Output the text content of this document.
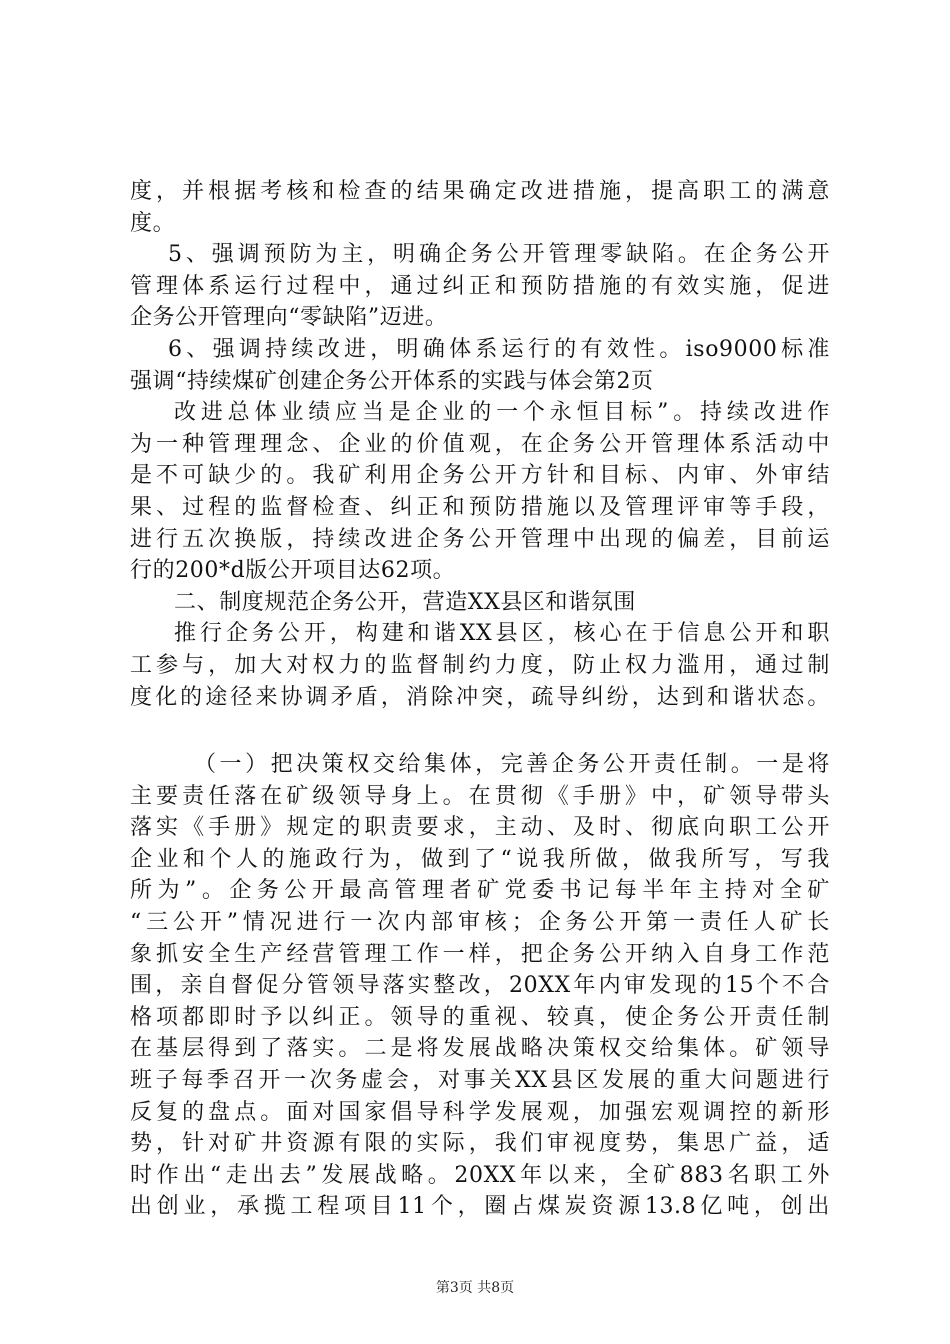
度，并根据考核和检查的结果确定改进措施，提高职工的满意
度。
5、强调预防为主，明确企务公开管理零缺陷。在企务公开
管理体系运行过程中，通过纠正和预防措施的有效实施，促进
企务公开管理向“零缺陷”迈进。
6、强调持续改进，明确体系运行的有效性。iso9000标准
强调“持续煤矿创建企务公开体系的实践与体会第2页
改进总体业绩应当是企业的一个永恒目标”。持续改进作
为一种管理理念、企业的价值观，在企务公开管理体系活动中
是不可缺少的。我矿利用企务公开方针和目标、内审、外审结
果、过程的监督检查、纠正和预防措施以及管理评审等手段，
进行五次换版，持续改进企务公开管理中出现的偏差，目前运
行的200*d版公开项目达62项。
二、制度规范企务公开，营造XX县区和谐氛围
推行企务公开，构建和谐XX县区，核心在于信息公开和职
工参与，加大对权力的监督制约力度，防止权力滥用，通过制
度化的途径来协调矛盾，消除冲突，疏导纠纷，达到和谐状态。
（一）把决策权交给集体，完善企务公开责任制。一是将
主要责任落在矿级领导身上。在贯彻《手册》中，矿领导带头
落实《手册》规定的职责要求，主动、及时、彻底向职工公开
企业和个人的施政行为，做到了“说我所做，做我所写，写我
所为”。企务公开最高管理者矿党委书记每半年主持对全矿
“三公开”情况进行一次内部审核；企务公开第一责任人矿长
象抓安全生产经营管理工作一样，把企务公开纳入自身工作范
围，亲自督促分管领导落实整改，20XX年内审发现的15个不合
格项都即时予以纠正。领导的重视、较真，使企务公开责任制
在基层得到了落实。二是将发展战略决策权交给集体。矿领导
班子每季召开一次务虚会，对事关XX县区发展的重大问题进行
反复的盘点。面对国家倡导科学发展观，加强宏观调控的新形
势，针对矿井资源有限的实际，我们审视度势，集思广益，适
时作出“走出去”发展战略。20XX年以来，全矿883名职工外
出创业，承揽工程项目11个，圈占煤炭资源13.8亿吨，创出
第3页 共8页
